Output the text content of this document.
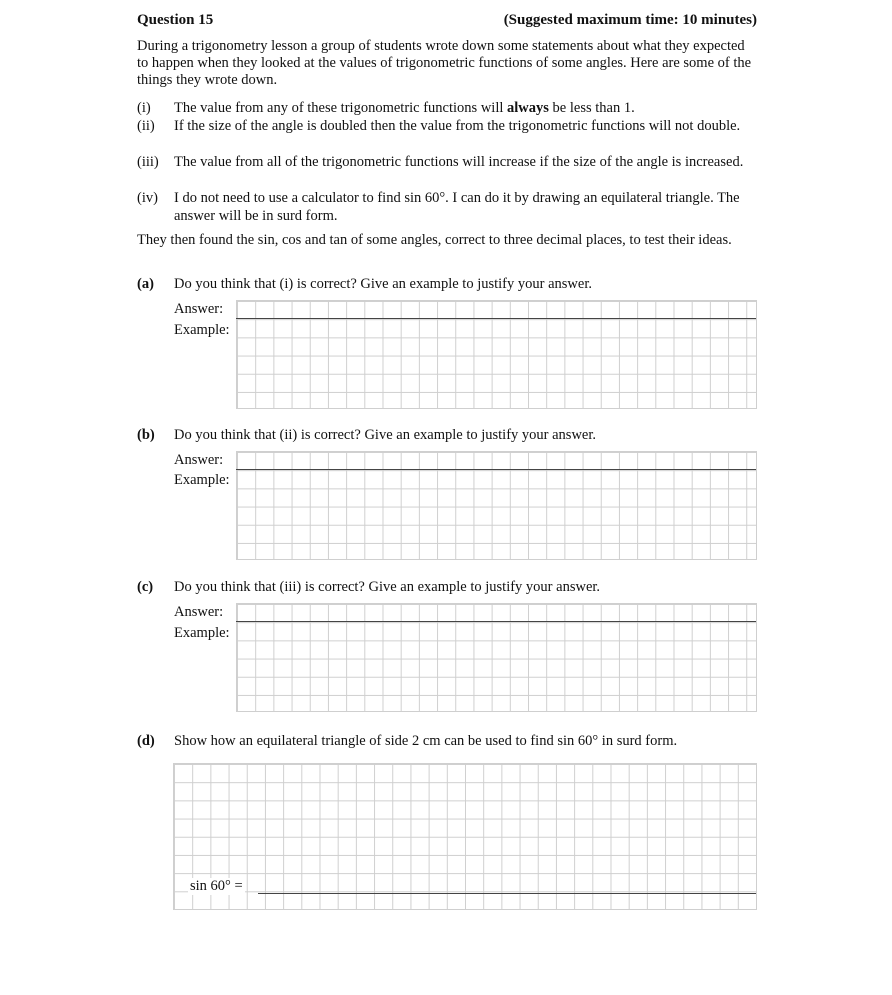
Question 15	(Suggested maximum time: 10 minutes)
During a trigonometry lesson a group of students wrote down some statements about what they expected to happen when they looked at the values of trigonometric functions of some angles. Here are some of the things they wrote down.
(i) The value from any of these trigonometric functions will always be less than 1.
(ii) If the size of the angle is doubled then the value from the trigonometric functions will not double.
(iii) The value from all of the trigonometric functions will increase if the size of the angle is increased.
(iv) I do not need to use a calculator to find sin 60°. I can do it by drawing an equilateral triangle. The answer will be in surd form.
They then found the sin, cos and tan of some angles, correct to three decimal places, to test their ideas.
(a) Do you think that (i) is correct? Give an example to justify your answer.
Answer:
Example:
(b) Do you think that (ii) is correct? Give an example to justify your answer.
Answer:
Example:
(c) Do you think that (iii) is correct? Give an example to justify your answer.
Answer:
Example:
(d) Show how an equilateral triangle of side 2 cm can be used to find sin 60° in surd form.
sin 60° =
